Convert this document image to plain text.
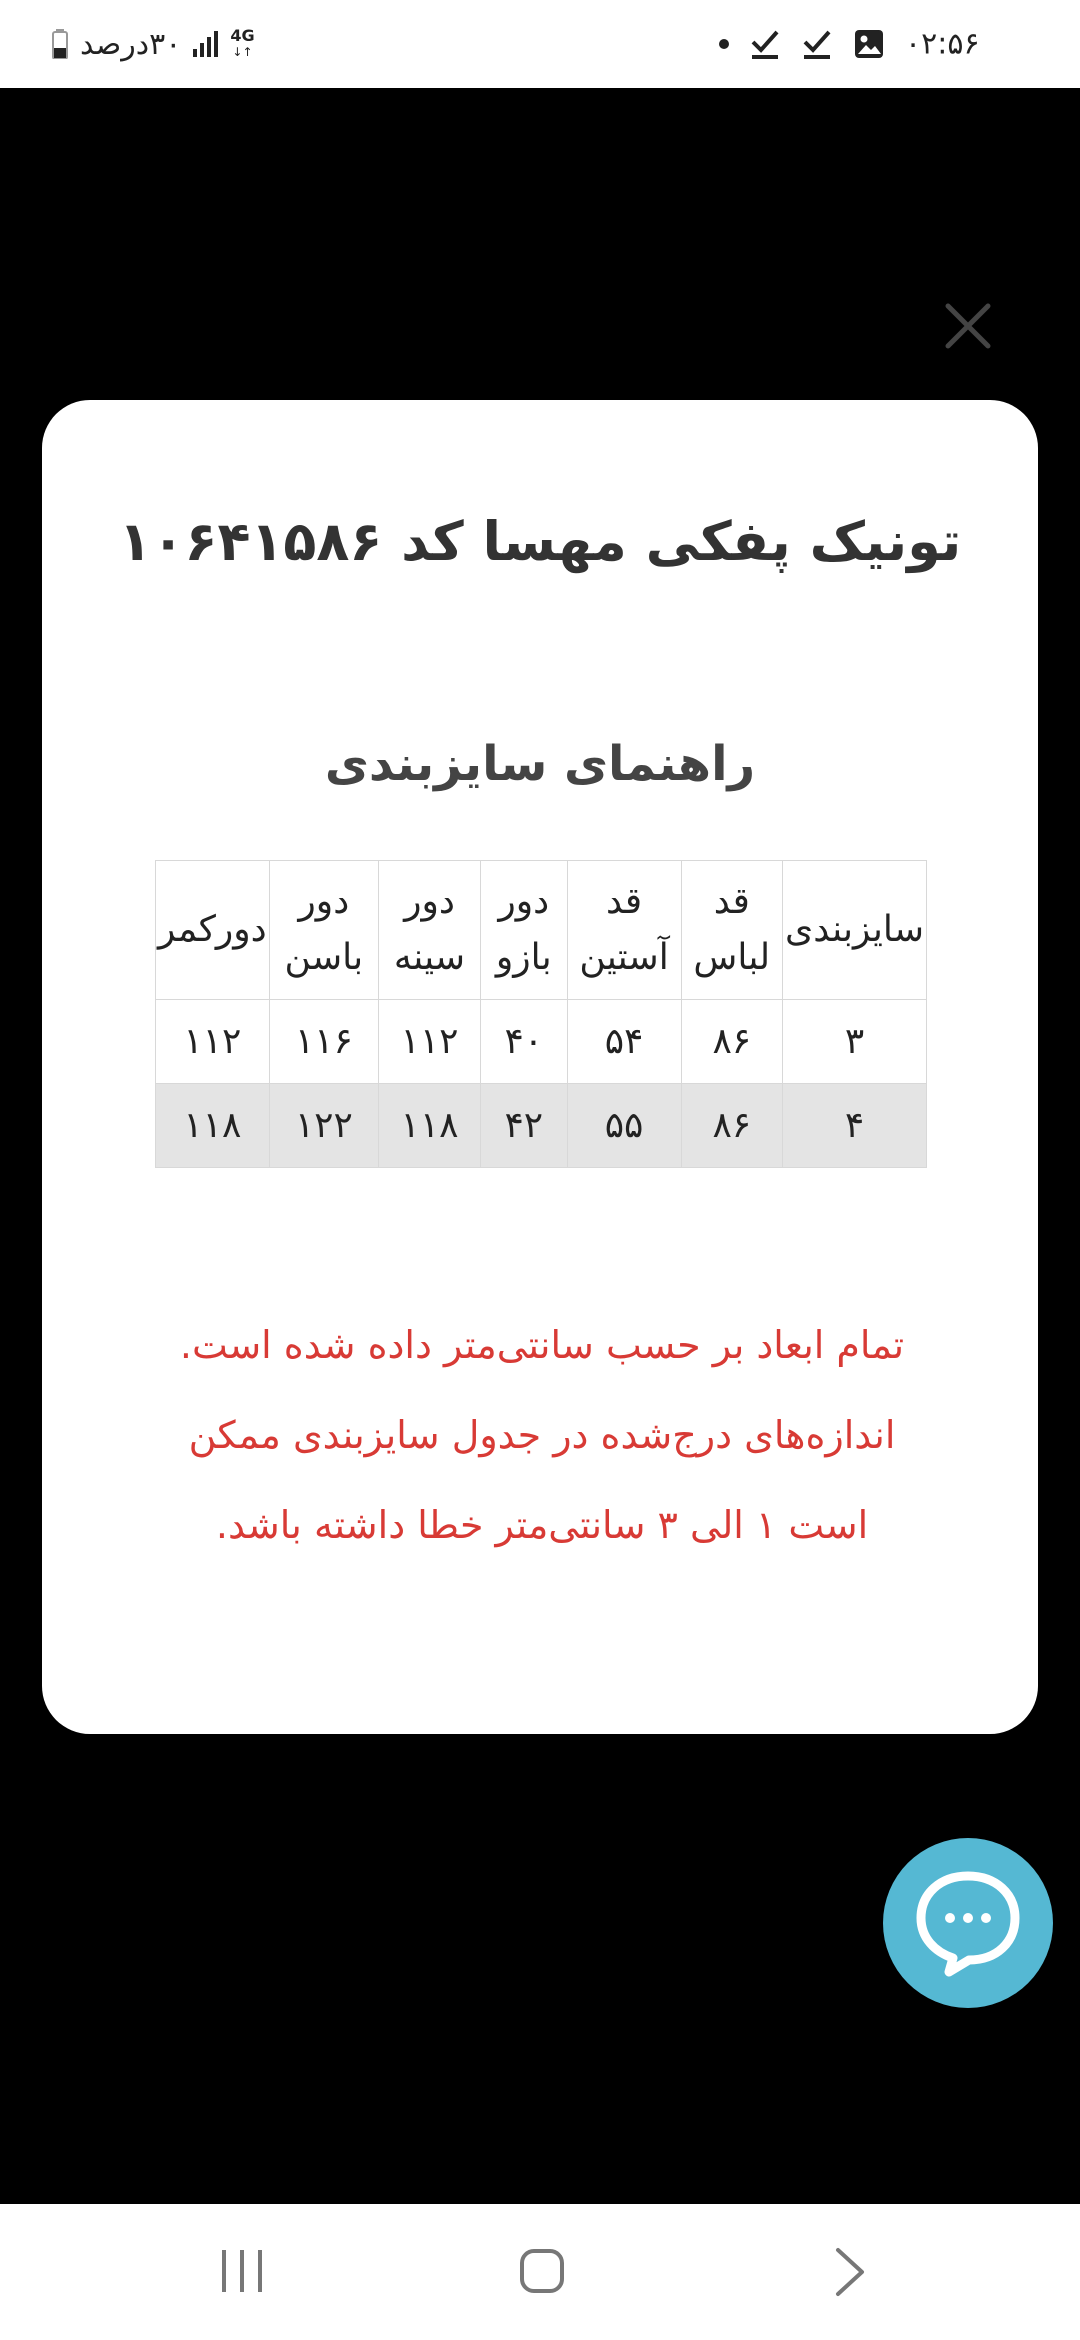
۳۰درصد	4G
↓↑	۰۲:۵۶
تونیک پفکی مهسا کد ۱۰۶۴۱۵۸۶
راهنمای سایزبندی
سایزبندی	قد لباس	قد آستین	دور بازو	دور سینه	دور باسن	دورکمر
۳	۸۶	۵۴	۴۰	۱۱۲	۱۱۶	۱۱۲
۴	۸۶	۵۵	۴۲	۱۱۸	۱۲۲	۱۱۸
تمام ابعاد بر حسب سانتی‌متر داده شده است.
اندازه‌های درج‌شده در جدول سایزبندی ممکن
است ۱ الی ۳ سانتی‌متر خطا داشته باشد.
